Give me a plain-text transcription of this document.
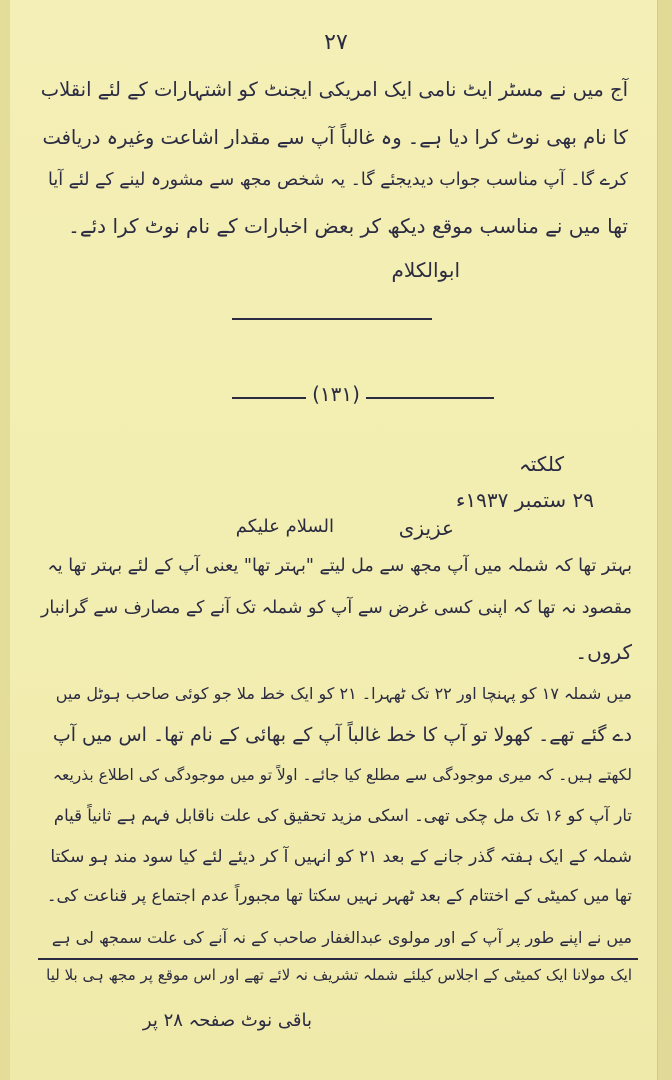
۲۷
آج میں نے مسٹر ایٹ نامی ایک امریکی ایجنٹ کو اشتہارات کے لئے انقلاب
کا نام بھی نوٹ کرا دیا ہے۔ وہ غالباً آپ سے مقدار اشاعت وغیرہ دریافت
کرے گا۔ آپ مناسب جواب دیدیجئے گا۔ یہ شخص مجھ سے مشورہ لینے کے لئے آیا
تھا میں نے مناسب موقع دیکھ کر بعض اخبارات کے نام نوٹ کرا دئے۔
ابوالکلام
(۱۳۱)
کلکتہ
۲۹ ستمبر ۱۹۳۷ء
عزیزی
السلام علیکم
بہتر تھا کہ شملہ میں آپ مجھ سے مل لیتے "بہتر تھا" یعنی آپ کے لئے بہتر تھا یہ
مقصود نہ تھا کہ اپنی کسی غرض سے آپ کو شملہ تک آنے کے مصارف سے گرانبار
کروں۔
میں شملہ ۱۷ کو پہنچا اور ۲۲ تک ٹھہرا۔ ۲۱ کو ایک خط ملا جو کوئی صاحب ہوٹل میں
دے گئے تھے۔ کھولا تو آپ کا خط غالباً آپ کے بھائی کے نام تھا۔ اس میں آپ
لکھتے ہیں۔ کہ میری موجودگی سے مطلع کیا جائے۔ اولاً تو میں موجودگی کی اطلاع بذریعہ
تار آپ کو ۱۶ تک مل چکی تھی۔ اسکی مزید تحقیق کی علت ناقابل فہم ہے ثانیاً قیام
شملہ کے ایک ہفتہ گذر جانے کے بعد ۲۱ کو انہیں آ کر دیئے لئے کیا سود مند ہو سکتا
تھا میں کمیٹی کے اختتام کے بعد ٹھہر نہیں سکتا تھا مجبوراً عدم اجتماع پر قناعت کی۔
میں نے اپنے طور پر آپ کے اور مولوی عبدالغفار صاحب کے نہ آنے کی علت سمجھ لی ہے
ایک مولانا ایک کمیٹی کے اجلاس کیلئے شملہ تشریف نہ لائے تھے اور اس موقع پر مجھ ہی بلا لیا
باقی نوٹ صفحہ ۲۸ پر
